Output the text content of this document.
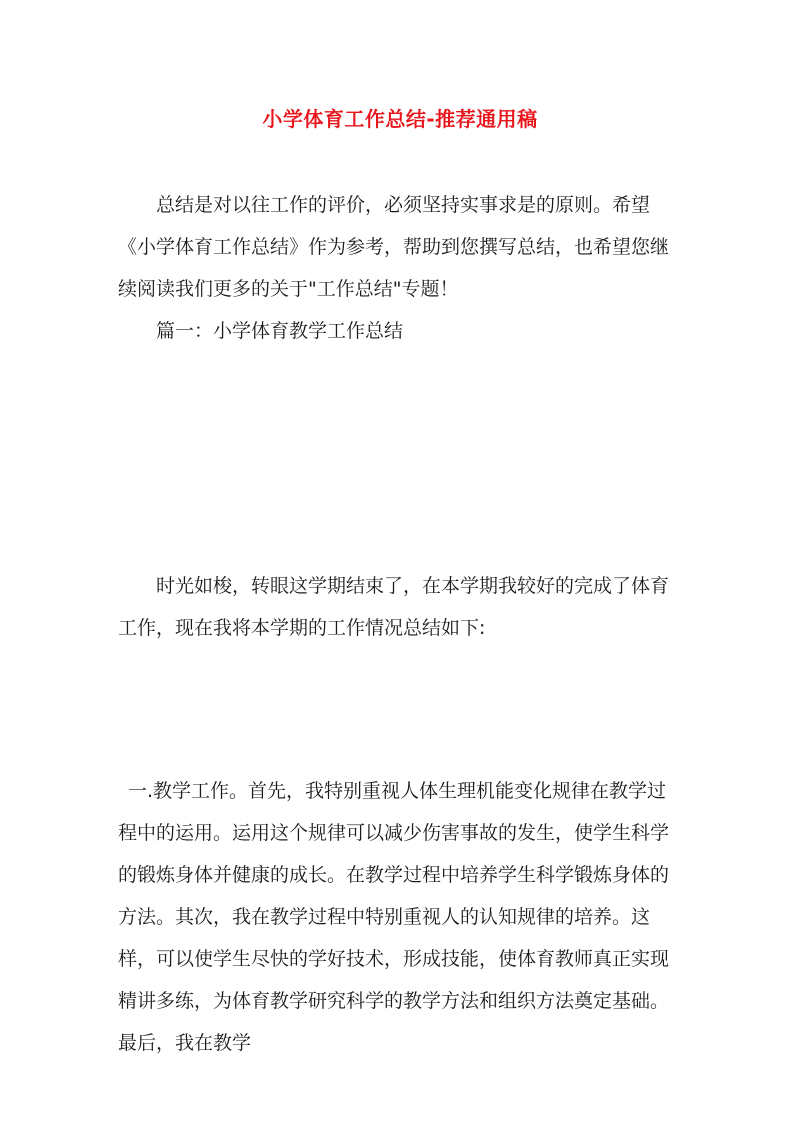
小学体育工作总结-推荐通用稿

总结是对以往工作的评价，必须坚持实事求是的原则。希望《小学体育工作总结》作为参考，帮助到您撰写总结，也希望您继续阅读我们更多的关于"工作总结"专题！

篇一：小学体育教学工作总结

时光如梭，转眼这学期结束了，在本学期我较好的完成了体育工作，现在我将本学期的工作情况总结如下:

一.教学工作。首先，我特别重视人体生理机能变化规律在教学过程中的运用。运用这个规律可以减少伤害事故的发生，使学生科学的锻炼身体并健康的成长。在教学过程中培养学生科学锻炼身体的方法。其次，我在教学过程中特别重视人的认知规律的培养。这样，可以使学生尽快的学好技术，形成技能，使体育教师真正实现精讲多练，为体育教学研究科学的教学方法和组织方法奠定基础。最后，我在教学
